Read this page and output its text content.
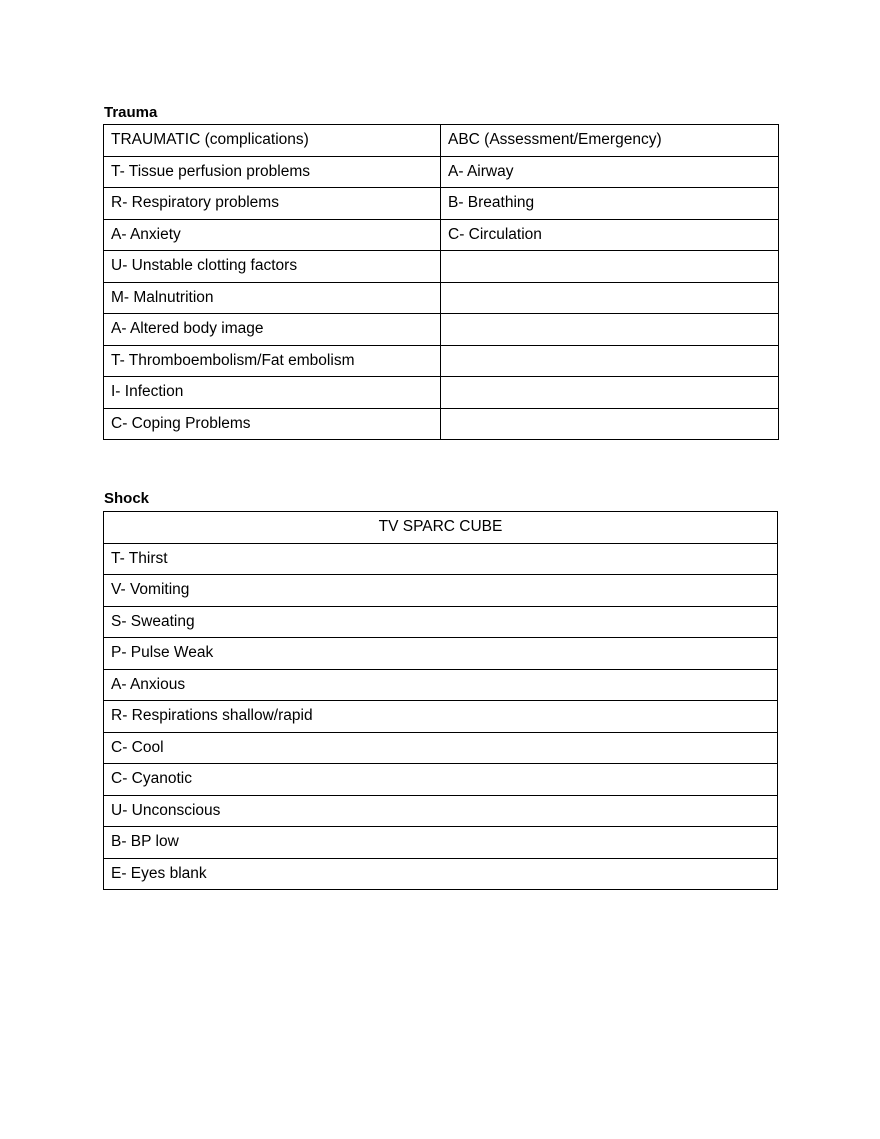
Trauma
TRAUMATIC (complications)	ABC (Assessment/Emergency)
T- Tissue perfusion problems	A- Airway
R- Respiratory problems	B- Breathing
A- Anxiety	C- Circulation
U- Unstable clotting factors	
M- Malnutrition	
A- Altered body image	
T- Thromboembolism/Fat embolism	
I- Infection	
C- Coping Problems	
Shock
TV SPARC CUBE
T- Thirst
V- Vomiting
S- Sweating
P- Pulse Weak
A- Anxious
R- Respirations shallow/rapid
C- Cool
C- Cyanotic
U- Unconscious
B- BP low
E- Eyes blank
